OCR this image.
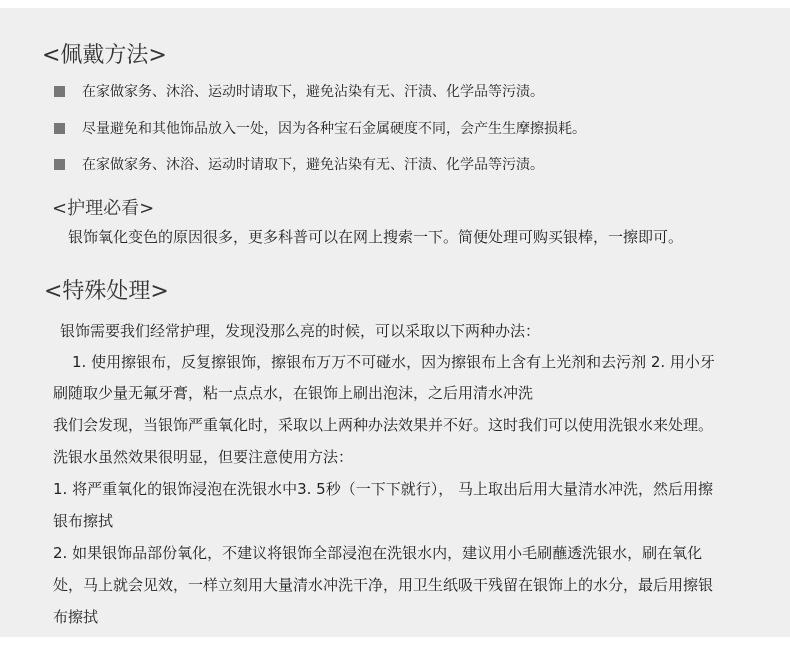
<佩戴方法>
在家做家务、沐浴、运动时请取下，避免沾染有无、汗渍、化学品等污渍。
尽量避免和其他饰品放入一处，因为各种宝石金属硬度不同，会产生生摩擦损耗。
在家做家务、沐浴、运动时请取下，避免沾染有无、汗渍、化学品等污渍。
<护理必看>

银饰氧化变色的原因很多，更多科普可以在网上搜索一下。简便处理可购买银棒，一擦即可。

<特殊处理>

银饰需要我们经常护理，发现没那么亮的时候，可以采取以下两种办法：

1. 使用擦银布，反复擦银饰，擦银布万万不可碰水，因为擦银布上含有上光剂和去污剂 2. 用小牙

刷随取少量无氟牙膏，粘一点点水，在银饰上刷出泡沫，之后用清水冲洗

我们会发现，当银饰严重氧化时，采取以上两种办法效果并不好。这时我们可以使用洗银水来处理。

洗银水虽然效果很明显，但要注意使用方法：

1. 将严重氧化的银饰浸泡在洗银水中3. 5秒（一下下就行）， 马上取出后用大量清水冲洗，然后用擦

银布擦拭

2. 如果银饰品部份氧化，不建议将银饰全部浸泡在洗银水内，建议用小毛刷蘸透洗银水，刷在氧化

处，马上就会见效，一样立刻用大量清水冲洗干净，用卫生纸吸干残留在银饰上的水分，最后用擦银

布擦拭
